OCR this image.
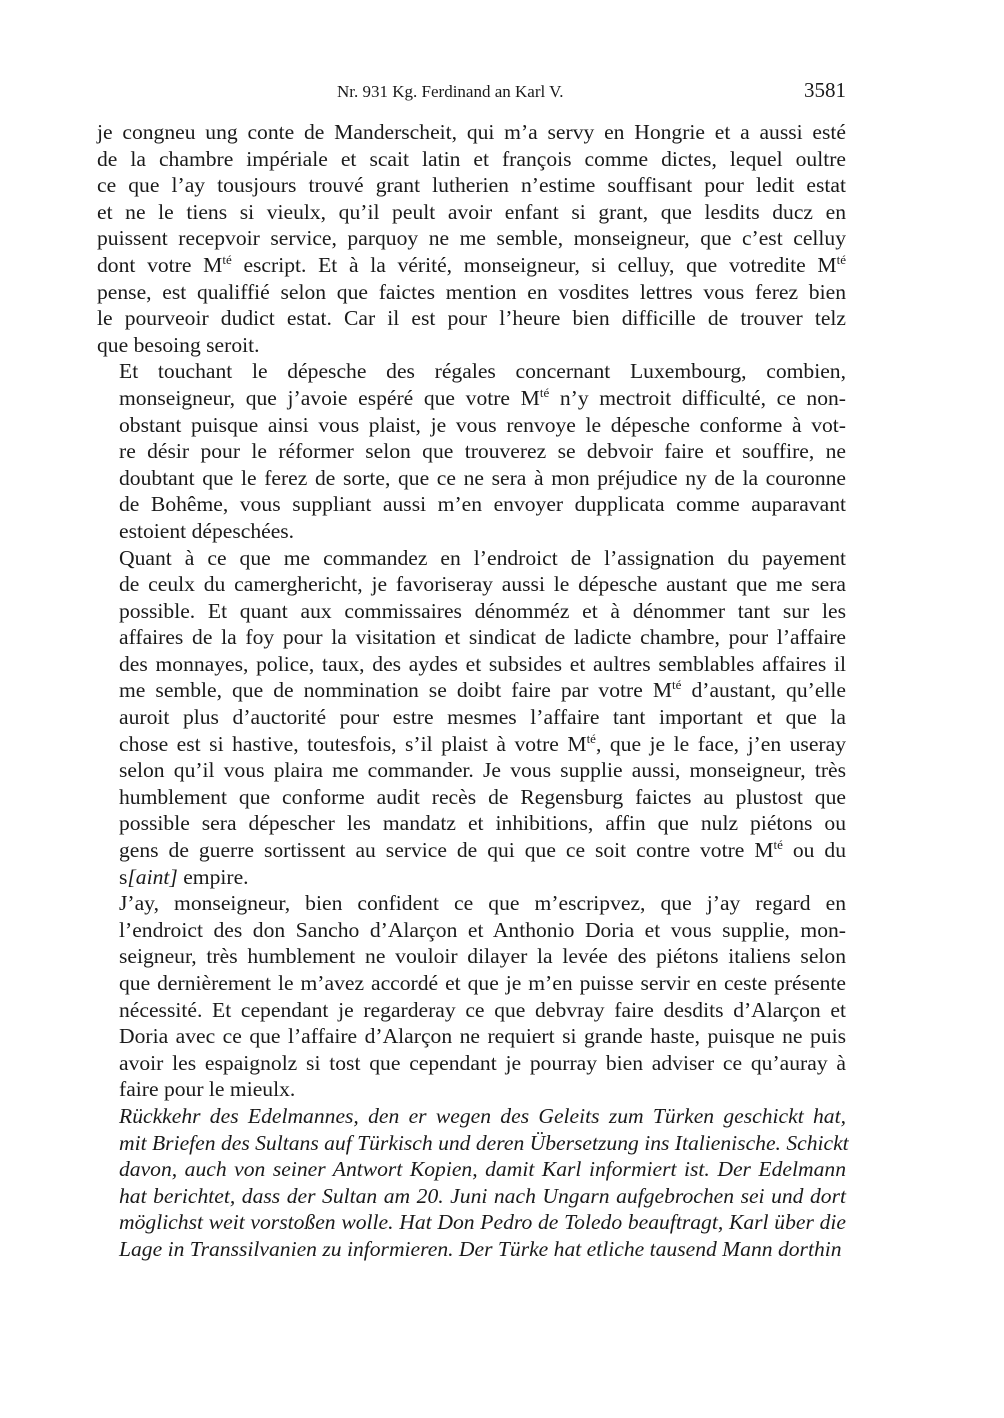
Nr. 931 Kg. Ferdinand an Karl V.	3581
je congneu ung conte de Manderscheit, qui m’a servy en Hongrie et a aussi esté
de la chambre impériale et scait latin et françois comme dictes, lequel oultre
ce que l’ay tousjours trouvé grant lutherien n’estime souffisant pour ledit estat
et ne le tiens si vieulx, qu’il peult avoir enfant si grant, que lesdits ducz en
puissent recepvoir service, parquoy ne me semble, monseigneur, que c’est celluy
dont votre $M^{té}$ escript. Et à la vérité, monseigneur, si celluy, que votredite $M^{té}$
pense, est qualiffié selon que faictes mention en vosdites lettres vous ferez bien
le pourveoir dudict estat. Car il est pour l’heure bien difficille de trouver telz
que besoing seroit.
Et touchant le dépesche des régales concernant Luxembourg, combien,
monseigneur, que j’avoie espéré que votre $M^{té}$ n’y mectroit difficulté, ce non-
obstant puisque ainsi vous plaist, je vous renvoye le dépesche conforme à vot-
re désir pour le réformer selon que trouverez se debvoir faire et souffire, ne
doubtant que le ferez de sorte, que ce ne sera à mon préjudice ny de la couronne
de Bohême, vous suppliant aussi m’en envoyer dupplicata comme auparavant
estoient dépeschées.
Quant à ce que me commandez en l’endroict de l’assignation du payement
de ceulx du camerghericht, je favoriseray aussi le dépesche austant que me sera
possible. Et quant aux commissaires dénomméz et à dénommer tant sur les
affaires de la foy pour la visitation et sindicat de ladicte chambre, pour l’affaire
des monnayes, police, taux, des aydes et subsides et aultres semblables affaires il
me semble, que de nommination se doibt faire par votre $M^{té}$ d’austant, qu’elle
auroit plus d’auctorité pour estre mesmes l’affaire tant important et que la
chose est si hastive, toutesfois, s’il plaist à votre $M^{té}$, que je le face, j’en useray
selon qu’il vous plaira me commander. Je vous supplie aussi, monseigneur, très
humblement que conforme audit recès de Regensburg faictes au plustost que
possible sera dépescher les mandatz et inhibitions, affin que nulz piétons ou
gens de guerre sortissent au service de qui que ce soit contre votre $M^{té}$ ou du
s[aint] empire.
J’ay, monseigneur, bien confident ce que m’escripvez, que j’ay regard en
l’endroict des don Sancho d’Alarçon et Anthonio Doria et vous supplie, mon-
seigneur, très humblement ne vouloir dilayer la levée des piétons italiens selon
que dernièrement le m’avez accordé et que je m’en puisse servir en ceste présente
nécessité. Et cependant je regarderay ce que debvray faire desdits d’Alarçon et
Doria avec ce que l’affaire d’Alarçon ne requiert si grande haste, puisque ne puis
avoir les espaignolz si tost que cependant je pourray bien adviser ce qu’auray à
faire pour le mieulx.
Rückkehr des Edelmannes, den er wegen des Geleits zum Türken geschickt hat,
mit Briefen des Sultans auf Türkisch und deren Übersetzung ins Italienische. Schickt
davon, auch von seiner Antwort Kopien, damit Karl informiert ist. Der Edelmann
hat berichtet, dass der Sultan am 20. Juni nach Ungarn aufgebrochen sei und dort
möglichst weit vorstoßen wolle. Hat Don Pedro de Toledo beauftragt, Karl über die
Lage in Transsilvanien zu informieren. Der Türke hat etliche tausend Mann dorthin
